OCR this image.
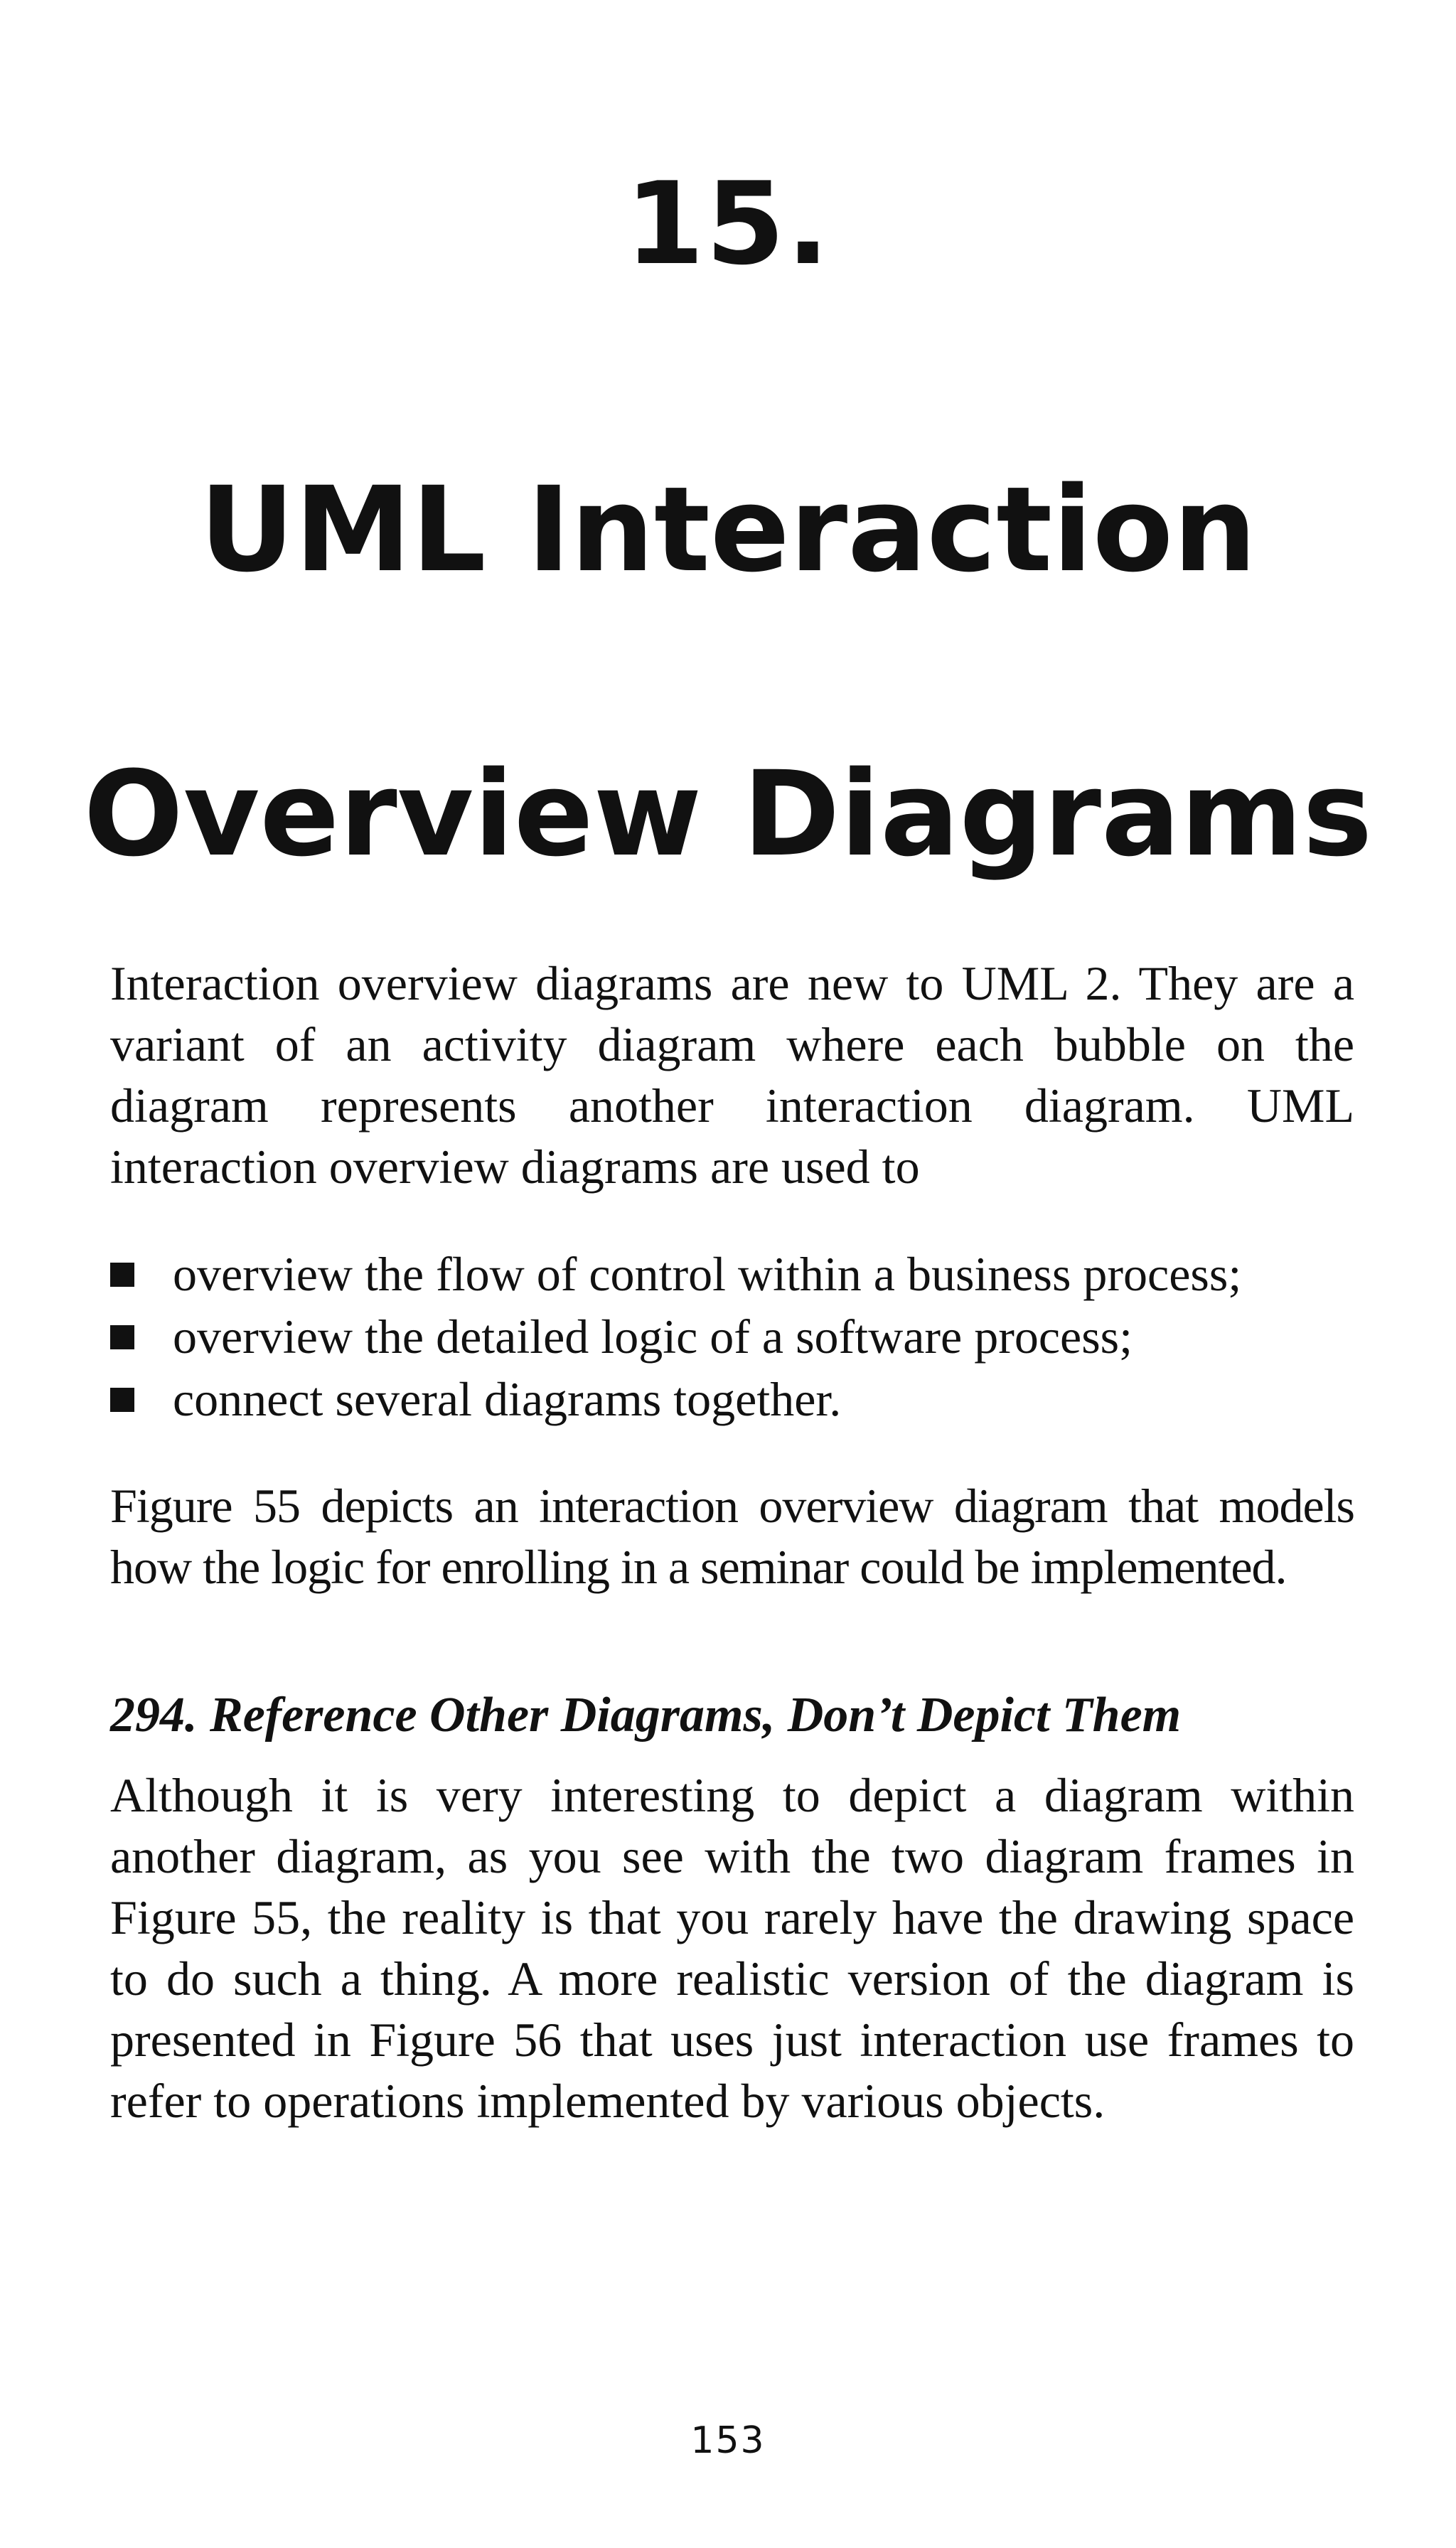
15.
UML Interaction
Overview Diagrams

Interaction overview diagrams are new to UML 2. They are a variant of an activity diagram where each bubble on the diagram represents another interaction diagram. UML interaction overview diagrams are used to

overview the flow of control within a business process;
overview the detailed logic of a software process;
connect several diagrams together.

Figure 55 depicts an interaction overview diagram that models how the logic for enrolling in a seminar could be implemented.

294. Reference Other Diagrams, Don’t Depict Them

Although it is very interesting to depict a diagram within another diagram, as you see with the two diagram frames in Figure 55, the reality is that you rarely have the drawing space to do such a thing. A more realistic version of the diagram is presented in Figure 56 that uses just interaction use frames to refer to operations implemented by various objects.

153
